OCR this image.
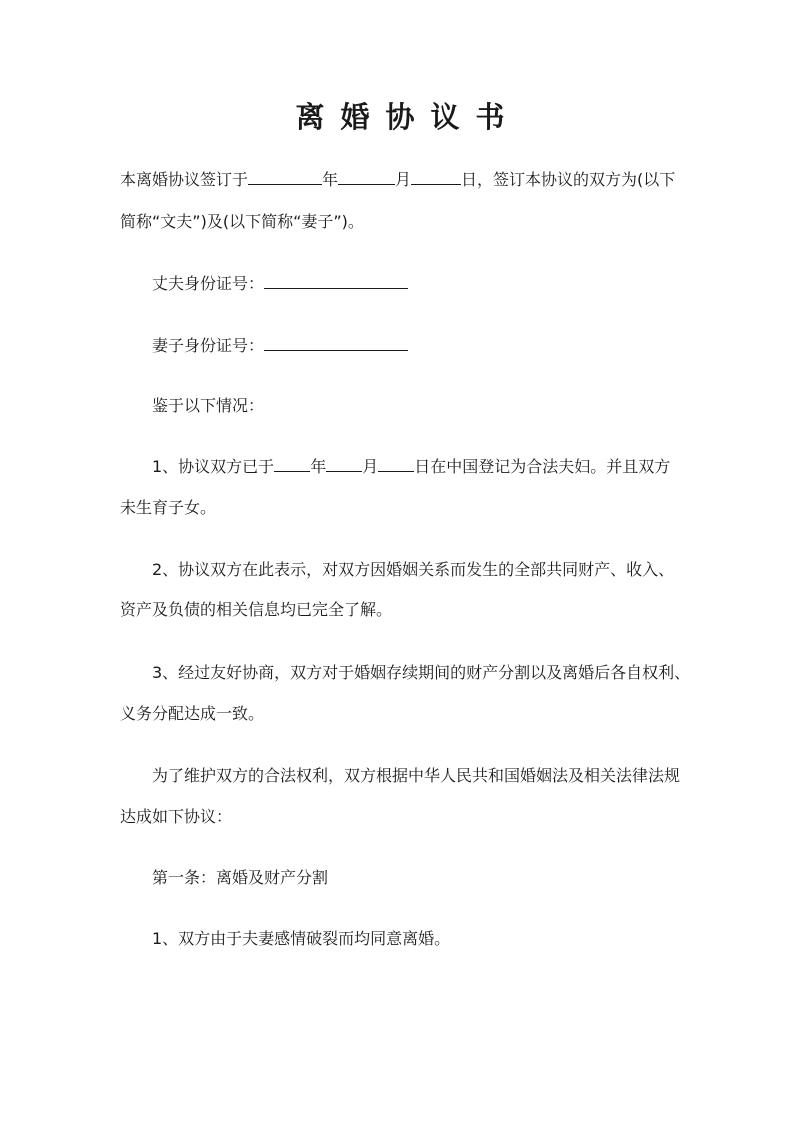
离婚协议书
本离婚协议签订于	年	月	日，签订本协议的双方为(以下
简称“文夫”)及(以下简称“妻子”)。
丈夫身份证号：
妻子身份证号：
鉴于以下情况：
1、协议双方已于 年 月 日在中国登记为合法夫妇。并且双方
未生育子女。
2、协议双方在此表示，对双方因婚姻关系而发生的全部共同财产、收入、
资产及负债的相关信息均已完全了解。
3、经过友好协商，双方对于婚姻存续期间的财产分割以及离婚后各自权利、
义务分配达成一致。
为了维护双方的合法权利，双方根据中华人民共和国婚姻法及相关法律法规
达成如下协议：
第一条：离婚及财产分割
1、双方由于夫妻感情破裂而均同意离婚。
